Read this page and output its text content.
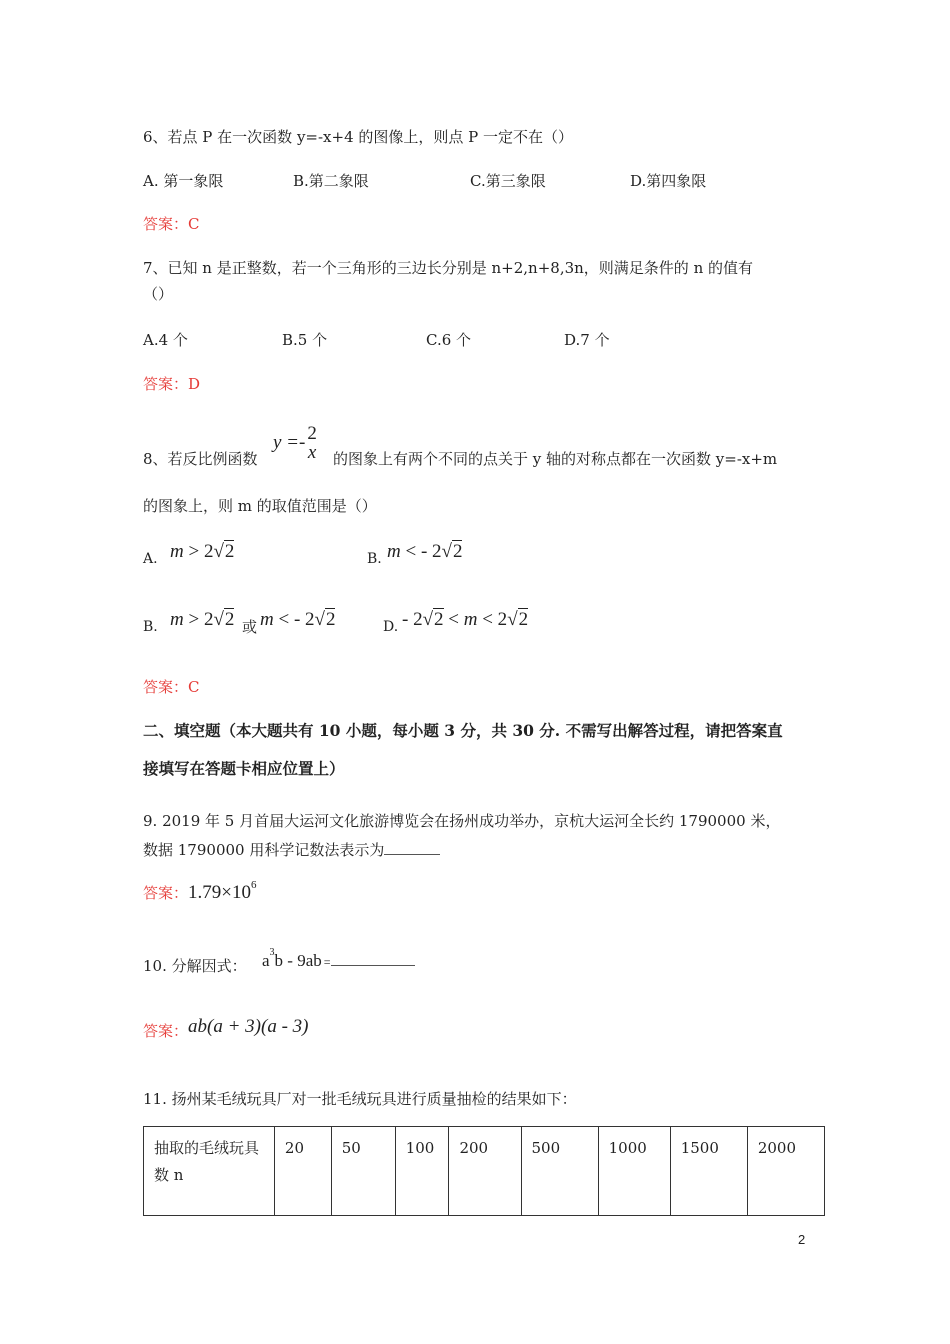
6、若点 P 在一次函数 y=-x+4 的图像上，则点 P 一定不在（）
A. 第一象限	B.第二象限	C.第三象限	D.第四象限
答案：C
7、已知 n 是正整数，若一个三角形的三边长分别是 n+2,n+8,3n，则满足条件的 n 的值有
（）
A.4 个	B.5 个	C.6 个	D.7 个
答案：D
8、若反比例函数
y =- 2
x 的图象上有两个不同的点关于 y 轴的对称点都在一次函数 y=-x+m
的图象上，则 m 的取值范围是（）
A. m > 2√2	B. m < - 2√2
B. m > 2√2 或 m < - 2√2	D. - 2√2 < m < 2√2
答案：C
二、填空题（本大题共有 10 小题，每小题 3 分，共 30 分. 不需写出解答过程，请把答案直
接填写在答题卡相应位置上）
9. 2019 年 5 月首届大运河文化旅游博览会在扬州成功举办，京杭大运河全长约 1790000 米，
数据 1790000 用科学记数法表示为
答案：$1.79\times 10^6$
10. 分解因式： $a^3b - 9ab$ =
答案：ab(a + 3)(a - 3)
11. 扬州某毛绒玩具厂对一批毛绒玩具进行质量抽检的结果如下：
抽取的毛绒玩具数 n	20	50	100	200	500	1000	1500	2000
2
